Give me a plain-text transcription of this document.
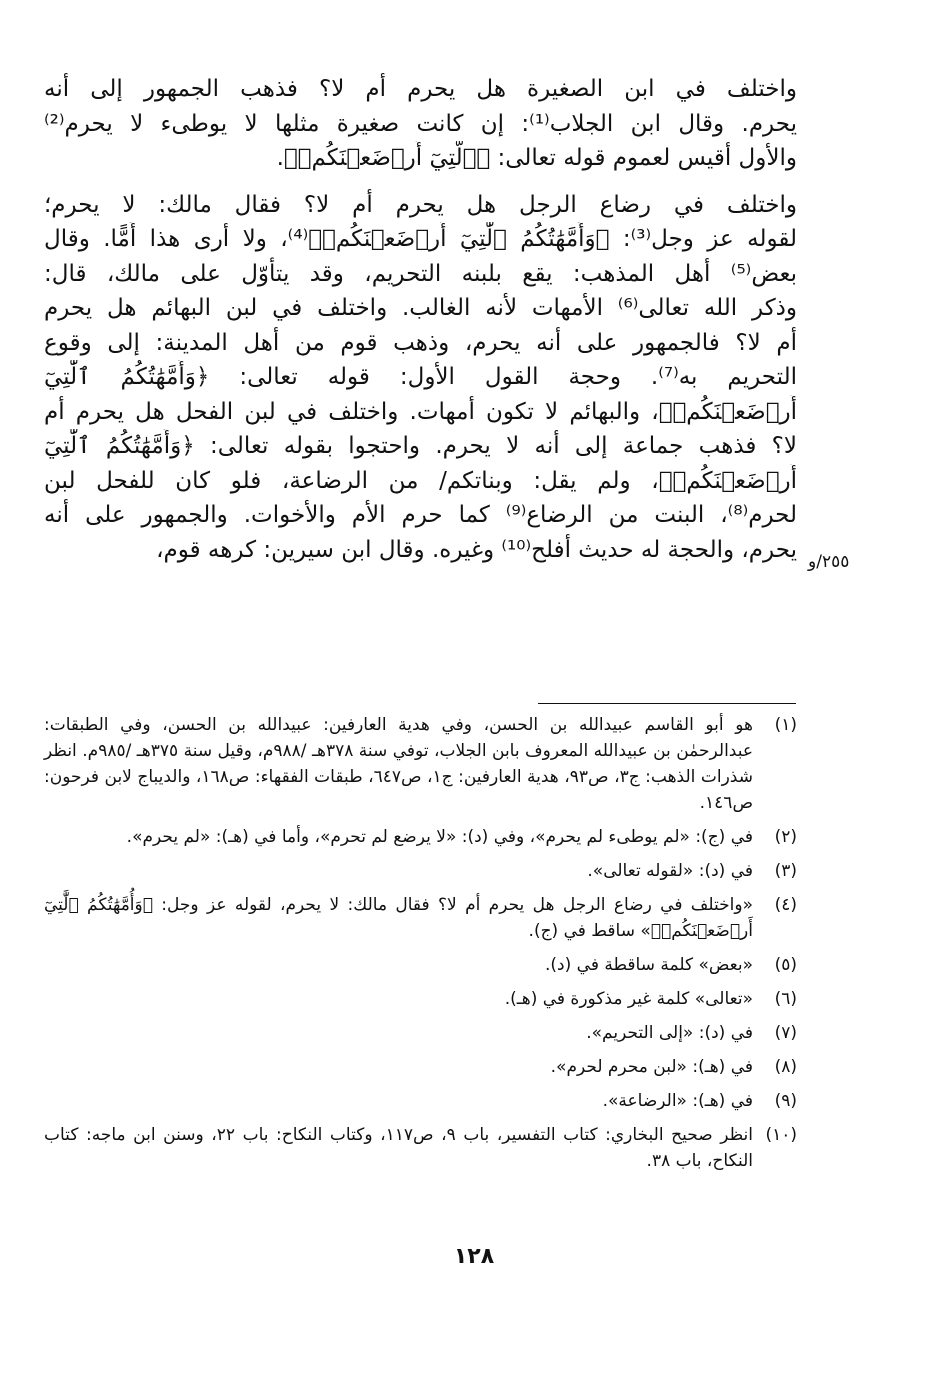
واختلف في ابن الصغيرة هل يحرم أم لا؟ فذهب الجمهور إلى أنه
يحرم. وقال ابن الجلاب⁽¹⁾: إن كانت صغيرة مثلها لا يوطىء لا يحرم⁽²⁾
والأول أقيس لعموم قوله تعالى: ﴿ٱلَّتِيٓ أَرۡضَعۡنَكُمۡ﴾.

واختلف في رضاع الرجل هل يحرم أم لا؟ فقال مالك: لا يحرم؛
لقوله عز وجل⁽³⁾: ﴿وَأُمَّهَٰتُكُمُ ٱلَّٰتِيٓ أَرۡضَعۡنَكُمۡ﴾⁽⁴⁾، ولا أرى هذا أُمًّا. وقال
بعض⁽⁵⁾ أهل المذهب: يقع بلبنه التحريم، وقد يتأوّل على مالك، قال:
وذكر الله تعالى⁽⁶⁾ الأمهات لأنه الغالب. واختلف في لبن البهائم هل يحرم
أم لا؟ فالجمهور على أنه يحرم، وذهب قوم من أهل المدينة: إلى وقوع
التحريم به⁽⁷⁾. وحجة القول الأول: قوله تعالى: ﴿وَأُمَّهَٰتُكُمُ ٱلَّٰتِيٓ
أَرۡضَعۡنَكُمۡ﴾، والبهائم لا تكون أمهات. واختلف في لبن الفحل هل يحرم أم
لا؟ فذهب جماعة إلى أنه لا يحرم. واحتجوا بقوله تعالى: ﴿وَأُمَّهَٰتُكُمُ ٱلَّٰتِيٓ
أَرۡضَعۡنَكُمۡ﴾، ولم يقل: وبناتكم/ من الرضاعة، فلو كان للفحل لبن
لحرم⁽⁸⁾، البنت من الرضاع⁽⁹⁾ كما حرم الأم والأخوات. والجمهور على أنه
يحرم، والحجة له حديث أفلح⁽¹⁰⁾ وغيره. وقال ابن سيرين: كرهه قوم، ٢٥٥/و
(١)
هو أبو القاسم عبيدالله بن الحسن، وفي هدية العارفين: عبيدالله بن الحسن، وفي الطبقات: عبدالرحمٰن بن عبيدالله المعروف بابن الجلاب، توفي سنة ٣٧٨هـ /٩٨٨م، وقيل سنة ٣٧٥هـ /٩٨٥م. انظر شذرات الذهب: ج٣، ص٩٣، هدية العارفين: ج١، ص٦٤٧، طبقات الفقهاء: ص١٦٨، والديباج لابن فرحون: ص١٤٦.
(٢)
في (ج): «لم يوطىء لم يحرم»، وفي (د): «لا يرضع لم تحرم»، وأما في (هـ): «لم يحرم».
(٣)
في (د): «لقوله تعالى».
(٤)
«واختلف في رضاع الرجل هل يحرم أم لا؟ فقال مالك: لا يحرم، لقوله عز وجل: ﴿وَأُمَّهَٰتُكُمُ ٱلَّٰتِيٓ أَرۡضَعۡنَكُمۡ﴾» ساقط في (ج).
(٥)
«بعض» كلمة ساقطة في (د).
(٦)
«تعالى» كلمة غير مذكورة في (هـ).
(٧)
في (د): «إلى التحريم».
(٨)
في (هـ): «لبن محرم لحرم».
(٩)
في (هـ): «الرضاعة».
(١٠)
انظر صحيح البخاري: كتاب التفسير، باب ٩، ص١١٧، وكتاب النكاح: باب ٢٢، وسنن ابن ماجه: كتاب النكاح، باب ٣٨.
١٢٨
